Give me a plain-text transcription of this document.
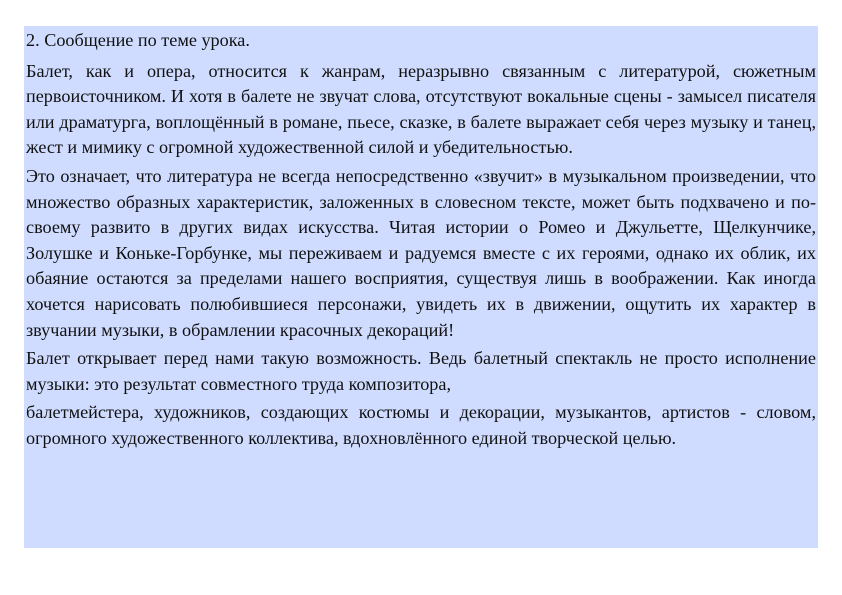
2. Сообщение по теме урока.

Балет, как и опера, относится к жанрам, неразрывно связанным с литературой, сюжетным первоисточником. И хотя в балете не звучат слова, отсутствуют вокальные сцены - замысел писателя или драматурга, воплощённый в романе, пьесе, сказке, в балете выражает себя через музыку и танец, жест и мимику с огромной художественной силой и убедительностью.

Это означает, что литература не всегда непосредственно «звучит» в музыкальном произведении, что множество образных характеристик, заложенных в словесном тексте, может быть подхвачено и по-своему развито в других видах искусства. Читая истории о Ромео и Джульетте, Щелкунчике, Золушке и Коньке-Горбунке, мы переживаем и радуемся вместе с их героями, однако их облик, их обаяние остаются за пределами нашего восприятия, существуя лишь в воображении. Как иногда хочется нарисовать полюбившиеся персонажи, увидеть их в движении, ощутить их характер в звучании музыки, в обрамлении красочных декораций!

Балет открывает перед нами такую возможность. Ведь балетный спектакль не просто исполнение музыки: это результат совместного труда композитора,

балетмейстера, художников, создающих костюмы и декорации, музыкантов, артистов - словом, огромного художественного коллектива, вдохновлённого единой творческой целью.
